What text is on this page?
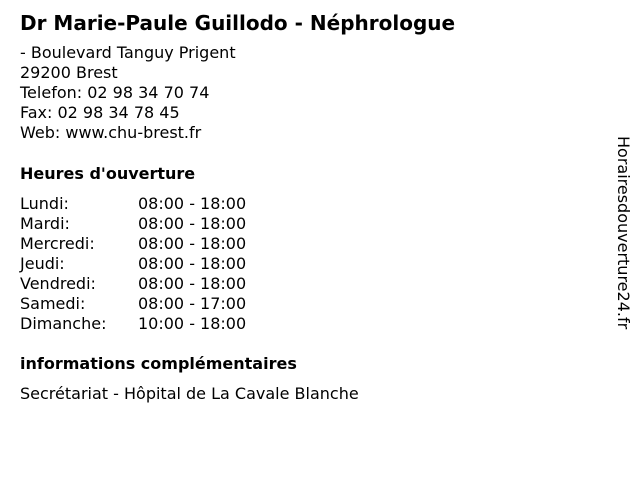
Dr Marie-Paule Guillodo - Néphrologue
- Boulevard Tanguy Prigent
29200 Brest
Telefon: 02 98 34 70 74
Fax: 02 98 34 78 45
Web: www.chu-brest.fr
Heures d'ouverture
Lundi:	08:00 - 18:00
Mardi:	08:00 - 18:00
Mercredi:	08:00 - 18:00
Jeudi:	08:00 - 18:00
Vendredi:	08:00 - 18:00
Samedi:	08:00 - 17:00
Dimanche:	10:00 - 18:00
informations complémentaires
Secrétariat - Hôpital de La Cavale Blanche
Horairesdouverture24.fr
